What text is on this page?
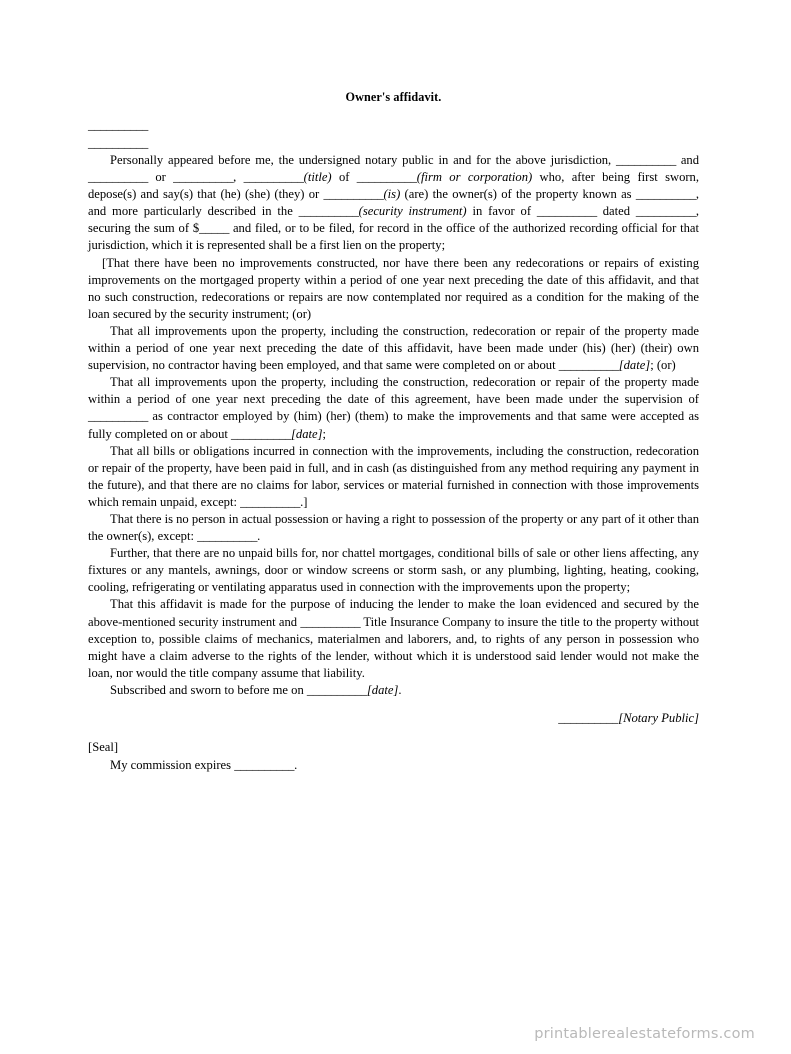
Owner's affidavit.
__________
__________

Personally appeared before me, the undersigned notary public in and for the above jurisdiction, __________ and __________ or __________, __________(title) of __________(firm or corporation) who, after being first sworn, depose(s) and say(s) that (he) (she) (they) or __________(is) (are) the owner(s) of the property known as __________, and more particularly described in the __________(security instrument) in favor of __________ dated __________, securing the sum of $_____ and filed, or to be filed, for record in the office of the authorized recording official for that jurisdiction, which it is represented shall be a first lien on the property;

[That there have been no improvements constructed, nor have there been any redecorations or repairs of existing improvements on the mortgaged property within a period of one year next preceding the date of this affidavit, and that no such construction, redecorations or repairs are now contemplated nor required as a condition for the making of the loan secured by the security instrument; (or)

That all improvements upon the property, including the construction, redecoration or repair of the property made within a period of one year next preceding the date of this affidavit, have been made under (his) (her) (their) own supervision, no contractor having been employed, and that same were completed on or about __________[date]; (or)

That all improvements upon the property, including the construction, redecoration or repair of the property made within a period of one year next preceding the date of this agreement, have been made under the supervision of __________ as contractor employed by (him) (her) (them) to make the improvements and that same were accepted as fully completed on or about __________[date];

That all bills or obligations incurred in connection with the improvements, including the construction, redecoration or repair of the property, have been paid in full, and in cash (as distinguished from any method requiring any payment in the future), and that there are no claims for labor, services or material furnished in connection with those improvements which remain unpaid, except: __________.]

That there is no person in actual possession or having a right to possession of the property or any part of it other than the owner(s), except: __________.

Further, that there are no unpaid bills for, nor chattel mortgages, conditional bills of sale or other liens affecting, any fixtures or any mantels, awnings, door or window screens or storm sash, or any plumbing, lighting, heating, cooking, cooling, refrigerating or ventilating apparatus used in connection with the improvements upon the property;

That this affidavit is made for the purpose of inducing the lender to make the loan evidenced and secured by the above-mentioned security instrument and __________ Title Insurance Company to insure the title to the property without exception to, possible claims of mechanics, materialmen and laborers, and, to rights of any person in possession who might have a claim adverse to the rights of the lender, without which it is understood said lender would not make the loan, nor would the title company assume that liability.

Subscribed and sworn to before me on __________[date].

__________[Notary Public]
[Seal]
My commission expires __________.
printablerealestateforms.com
